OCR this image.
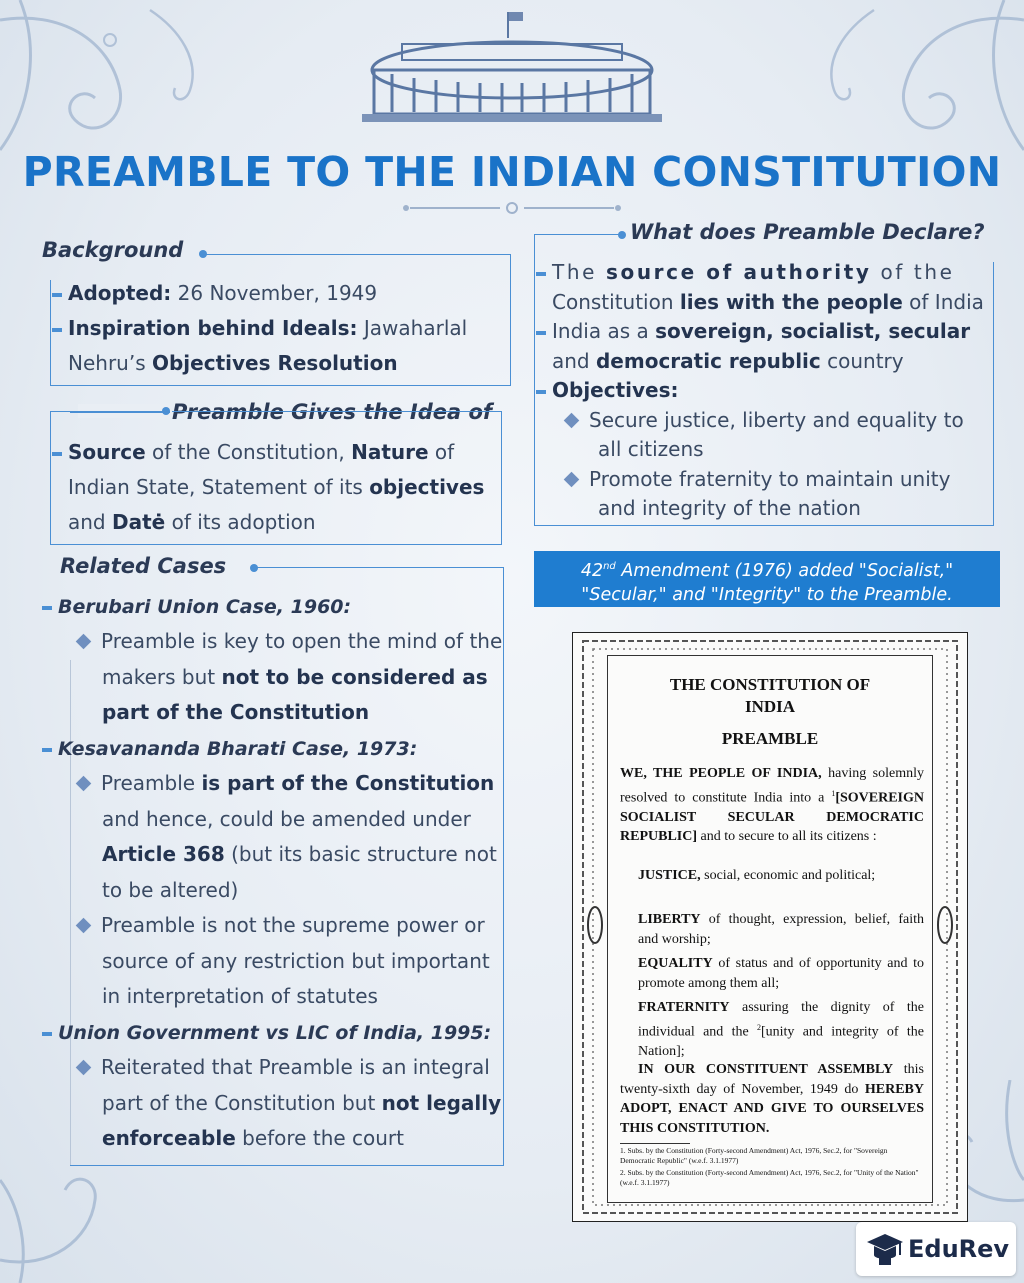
PREAMBLE TO THE INDIAN CONSTITUTION
Background
Adopted: 26 November, 1949
Inspiration behind Ideals: Jawaharlal
Nehru’s Objectives Resolution
Preamble Gives the Idea of
Source of the Constitution, Nature of
Indian State, Statement of its objectives
and Datė of its adoption
Related Cases
Berubari Union Case, 1960:
Preamble is key to open the mind of the
makers but not to be considered as
part of the Constitution
Kesavananda Bharati Case, 1973:
Preamble is part of the Constitution
and hence, could be amended under
Article 368 (but its basic structure not
to be altered)
Preamble is not the supreme power or
source of any restriction but important
in interpretation of statutes
Union Government vs LIC of India, 1995:
Reiterated that Preamble is an integral
part of the Constitution but not legally
enforceable before the court
What does Preamble Declare?
The source of authority of the
Constitution lies with the people of India
India as a sovereign, socialist, secular
and democratic republic country
Objectives:
Secure justice, liberty and equality to
all citizens
Promote fraternity to maintain unity
and integrity of the nation
42nd Amendment (1976) added "Socialist,"
"Secular," and "Integrity" to the Preamble.
THE CONSTITUTION OF
INDIA
PREAMBLE
WE, THE PEOPLE OF INDIA, having solemnly resolved to constitute India into a $^1$[SOVEREIGN SOCIALIST SECULAR DEMOCRATIC REPUBLIC] and to secure to all its citizens :
JUSTICE, social, economic and political;
LIBERTY of thought, expression, belief, faith and worship;
EQUALITY of status and of opportunity and to promote among them all;
FRATERNITY assuring the dignity of the individual and the $^2$[unity and integrity of the Nation];
IN OUR CONSTITUENT ASSEMBLY this twenty-sixth day of November, 1949 do HEREBY ADOPT, ENACT AND GIVE TO OURSELVES THIS CONSTITUTION.
1. Subs. by the Constitution (Forty-second Amendment) Act, 1976, Sec.2, for "Sovereign Democratic Republic" (w.e.f. 3.1.1977)
2. Subs. by the Constitution (Forty-second Amendment) Act, 1976, Sec.2, for "Unity of the Nation" (w.e.f. 3.1.1977)
EduRev
